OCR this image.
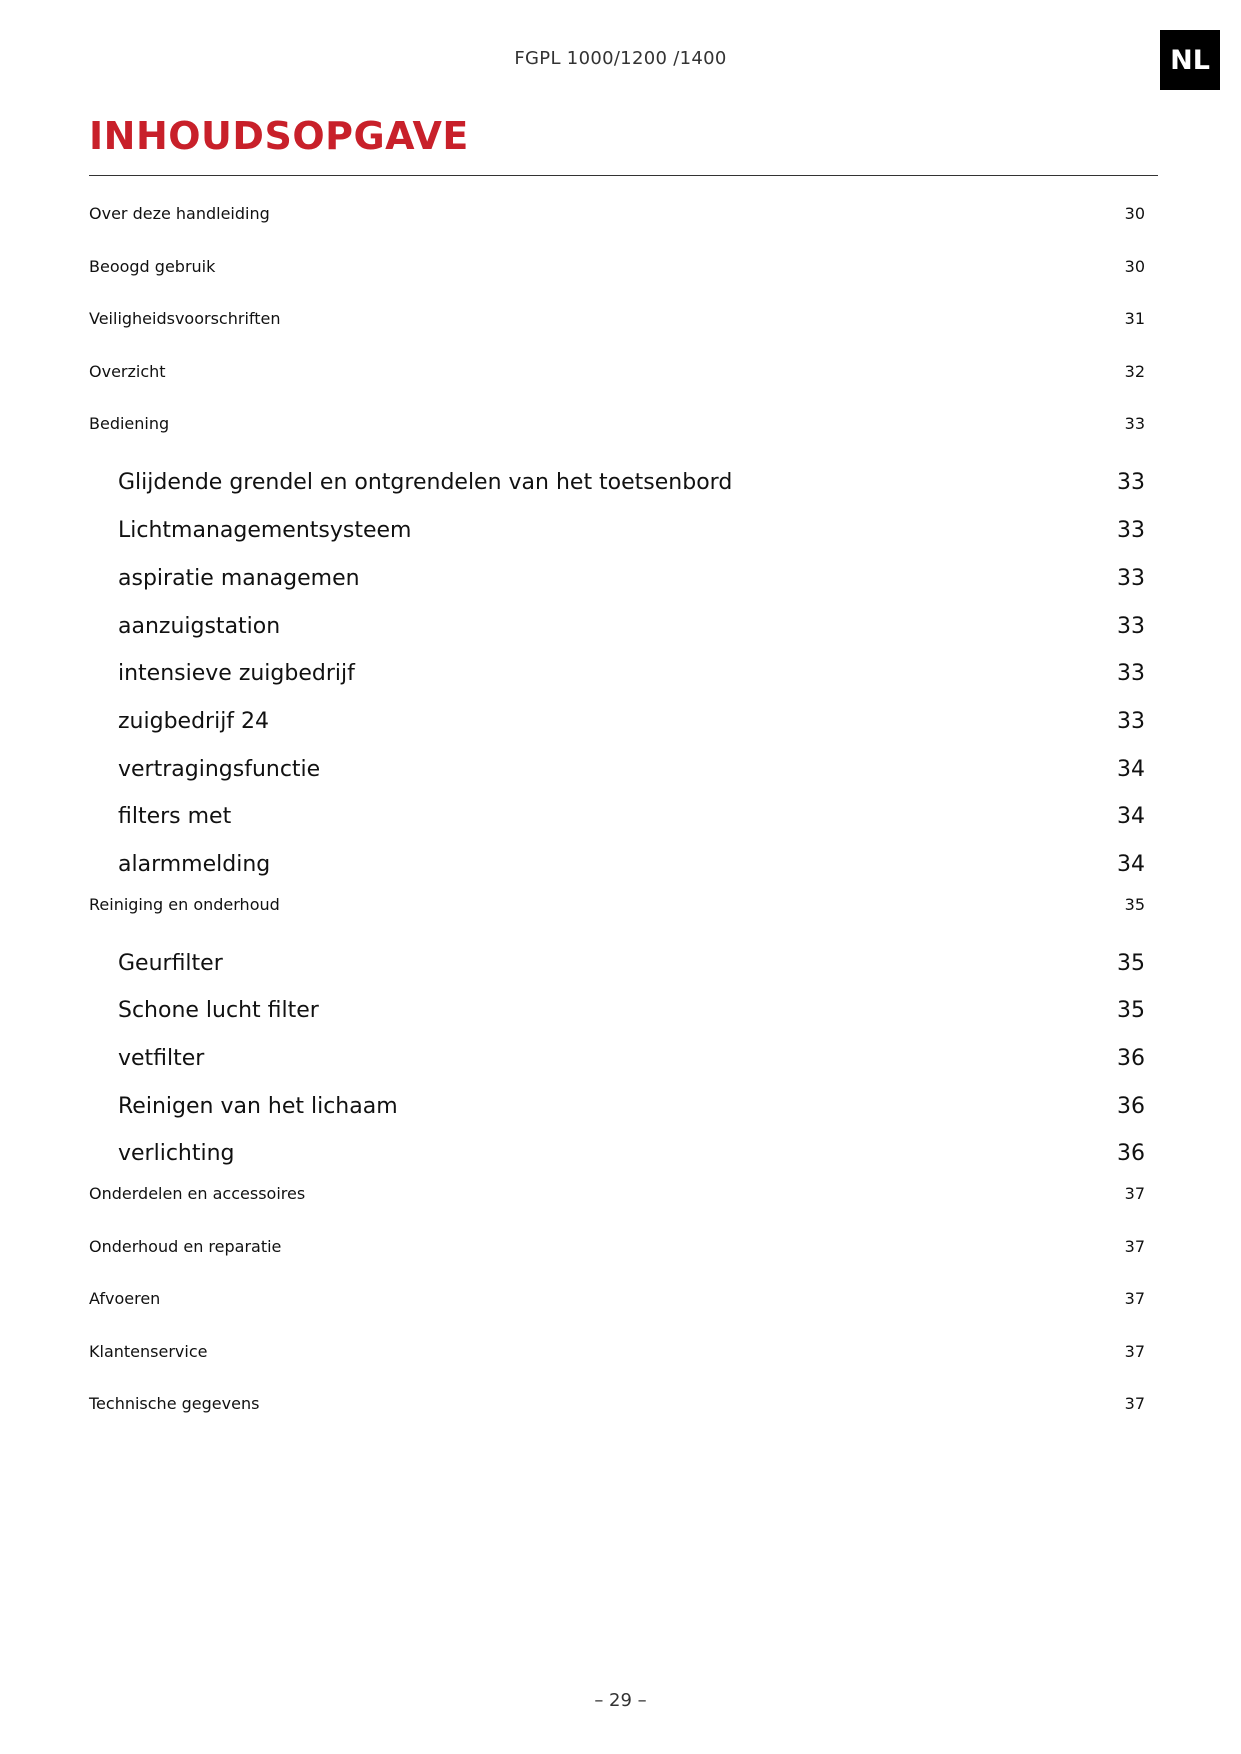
FGPL 1000/1200 /1400	NL
INHOUDSOPGAVE
Over deze handleiding	30
Beoogd gebruik	30
Veiligheidsvoorschriften	31
Overzicht	32
Bediening	33
Glijdende grendel en ontgrendelen van het toetsenbord	33
Lichtmanagementsysteem	33
aspiratie managemen	33
aanzuigstation	33
intensieve zuigbedrijf	33
zuigbedrijf 24	33
vertragingsfunctie	34
filters met	34
alarmmelding	34
Reiniging en onderhoud	35
Geurfilter	35
Schone lucht filter	35
vetfilter	36
Reinigen van het lichaam	36
verlichting	36
Onderdelen en accessoires	37
Onderhoud en reparatie	37
Afvoeren	37
Klantenservice	37
Technische gegevens	37
– 29 –
